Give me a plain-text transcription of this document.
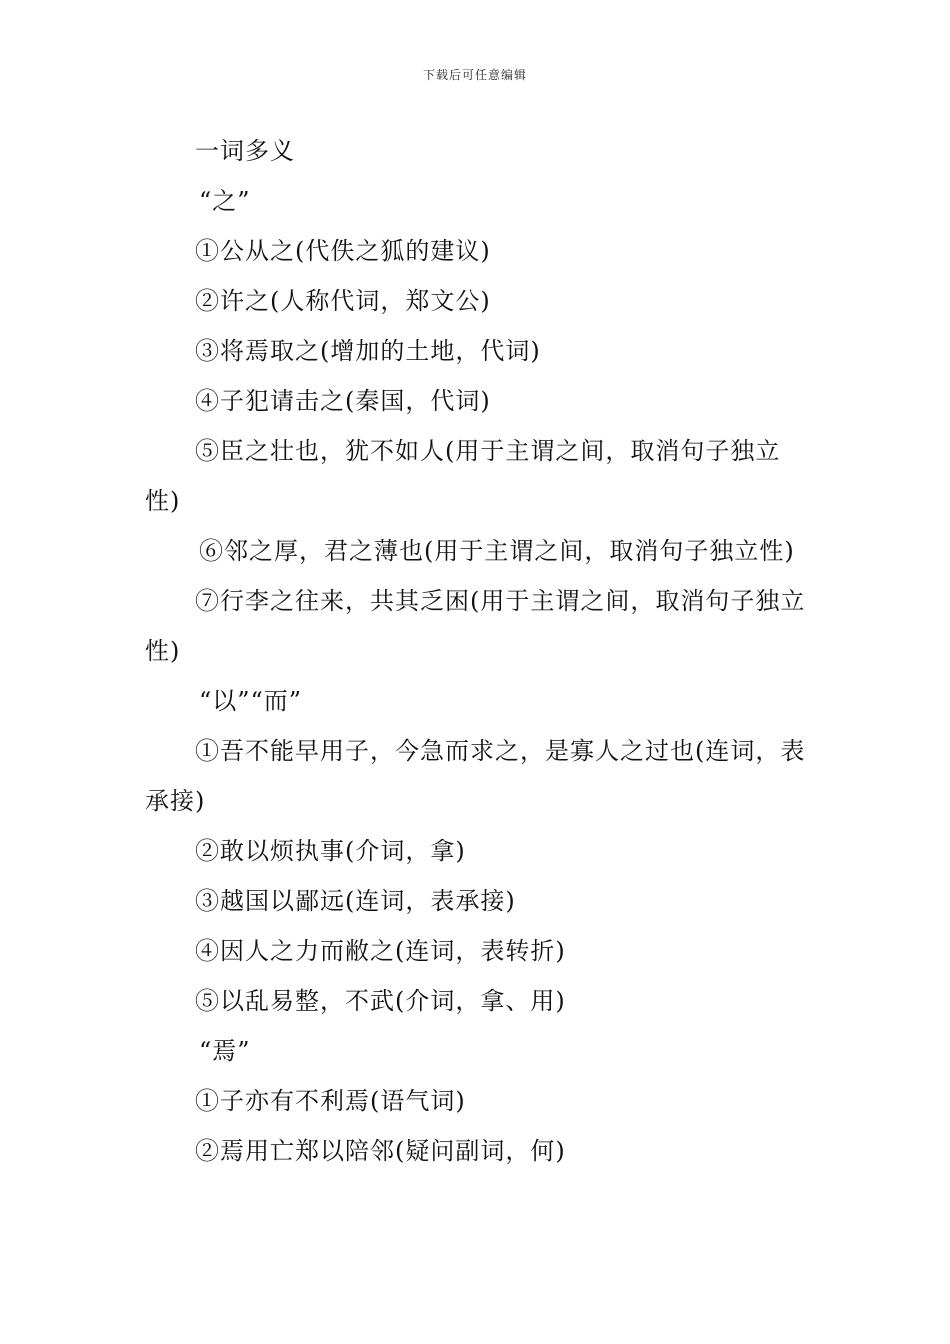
下载后可任意编辑
一词多义
“之”
①公从之(代佚之狐的建议)
②许之(人称代词，郑文公)
③将焉取之(增加的土地，代词)
④子犯请击之(秦国，代词)
⑤臣之壮也，犹不如人(用于主谓之间，取消句子独立性)
⑥邻之厚，君之薄也(用于主谓之间，取消句子独立性)
⑦行李之往来，共其乏困(用于主谓之间，取消句子独立性)
“以”“而”
①吾不能早用子，今急而求之，是寡人之过也(连词，表承接)
②敢以烦执事(介词，拿)
③越国以鄙远(连词，表承接)
④因人之力而敝之(连词，表转折)
⑤以乱易整，不武(介词，拿、用)
“焉”
①子亦有不利焉(语气词)
②焉用亡郑以陪邻(疑问副词，何)
